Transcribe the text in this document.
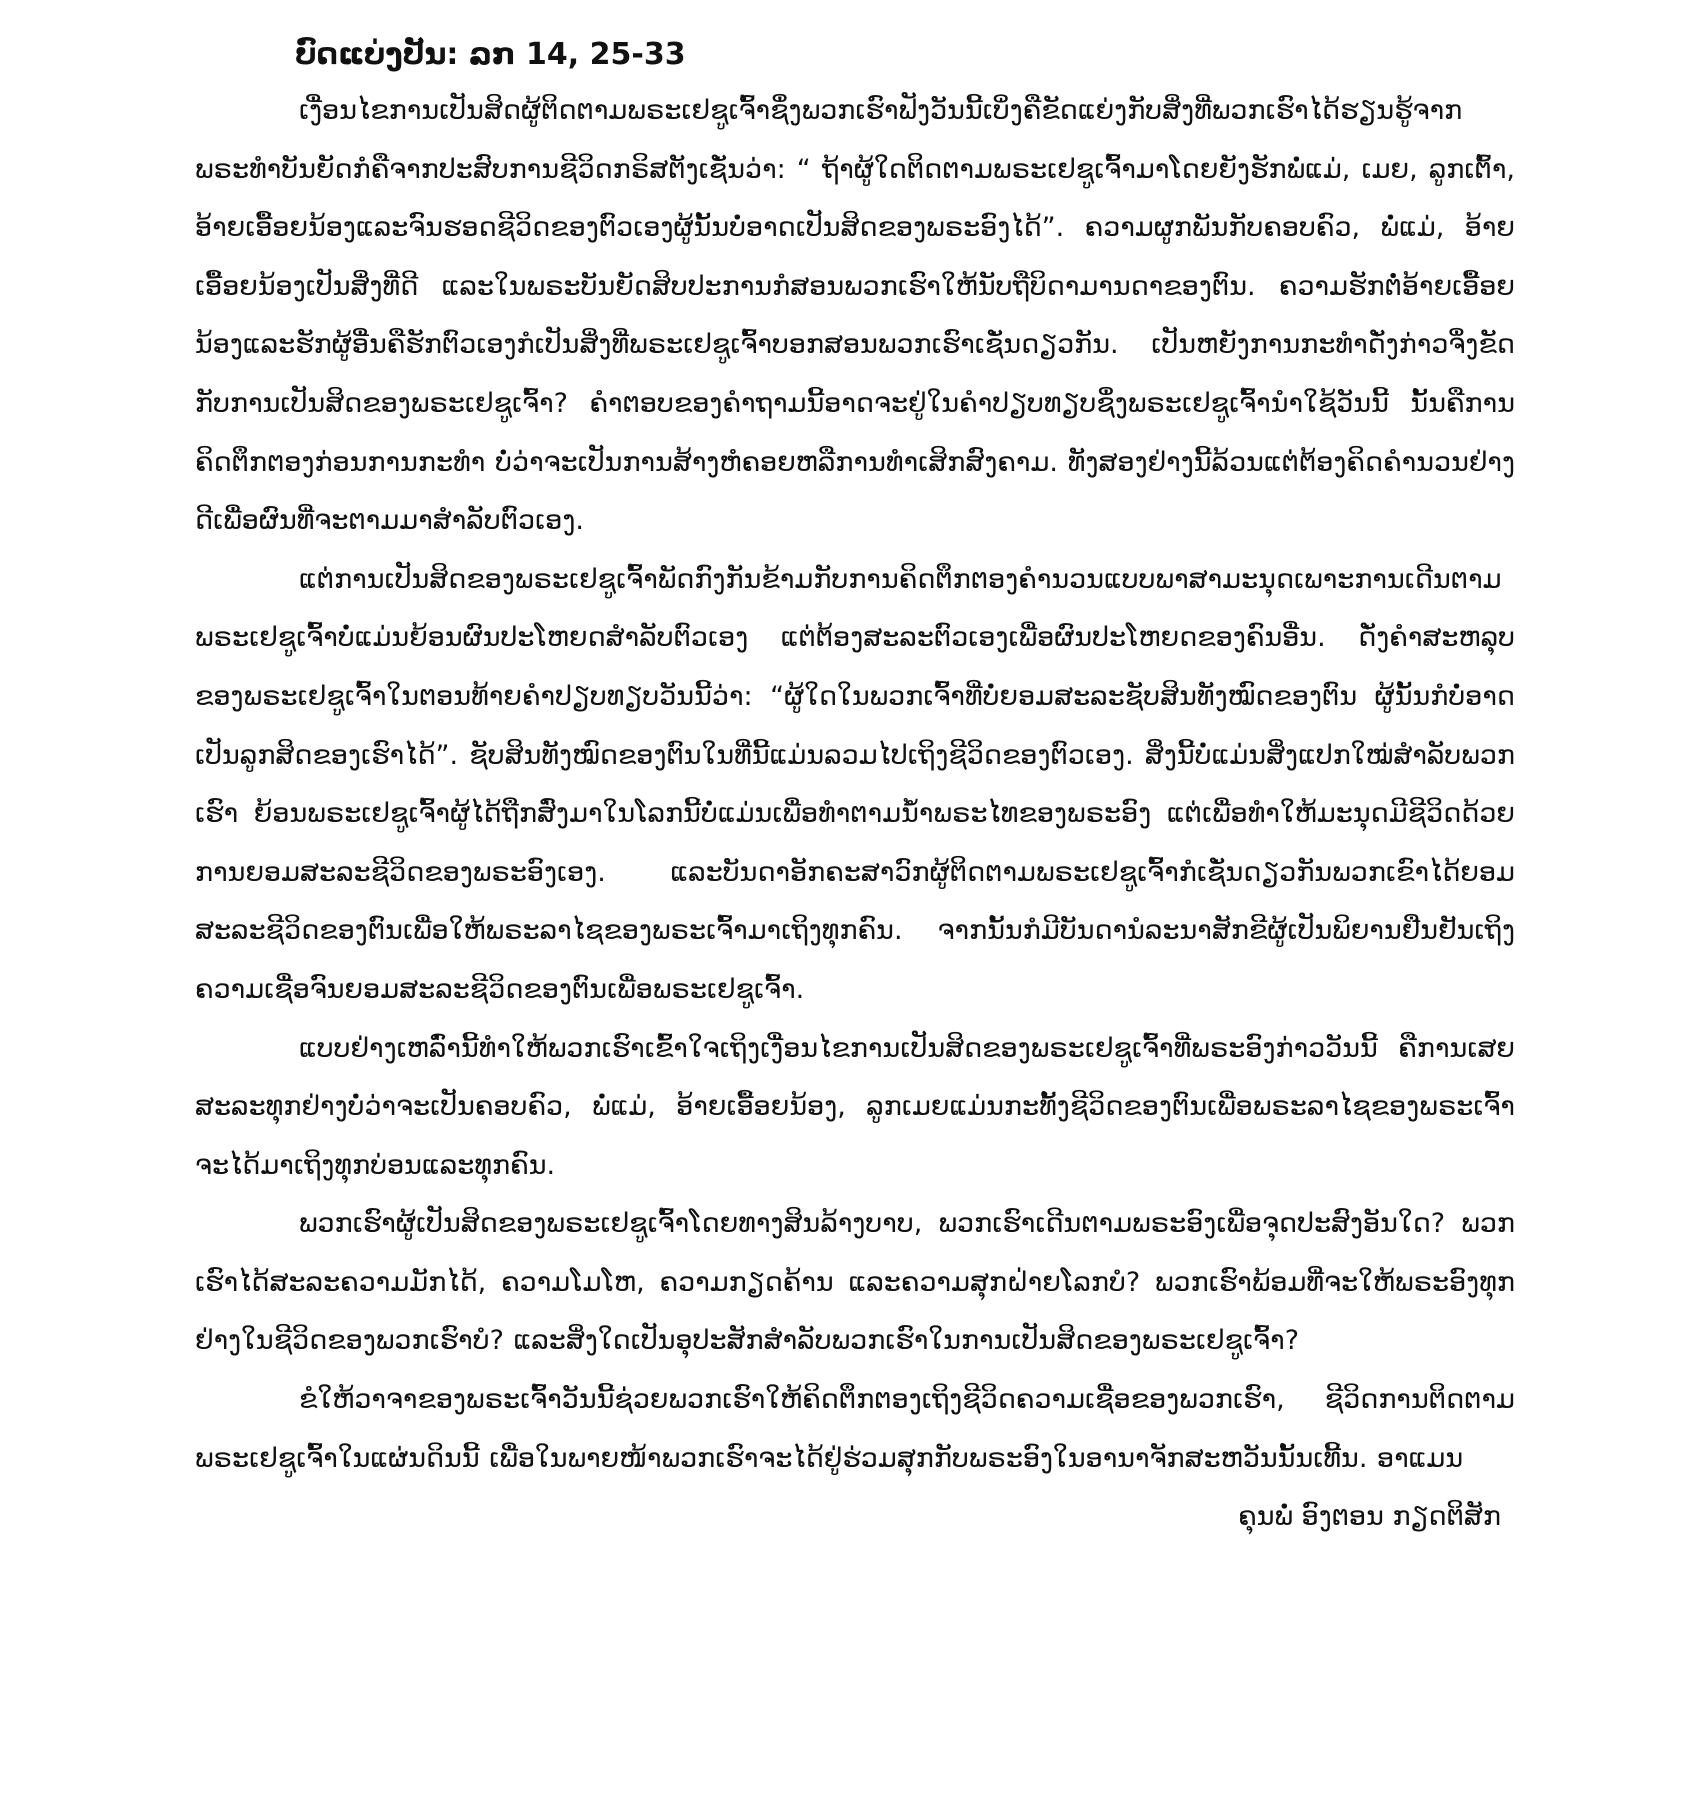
ບົດແບ່ງປັນ: ລກ 14, 25-33

ເງື່ອນໄຂການເປັນສິດຜູ້ຕິດຕາມພຣະເຢຊູເຈົ້າຊຶ່ງພວກເຮົາຟັງວັນນີ້ເບິ່ງຄືຂັດແຍ່ງກັບສິ່ງທີ່ພວກເຮົາໄດ້ຮຽນຮູ້ຈາກພຣະທຳບັນຍັດກໍຄືຈາກປະສົບການຊີວິດກຣິສຕັງເຊັ່ນວ່າ: “ ຖ້າຜູ້ໃດຕິດຕາມພຣະເຢຊູເຈົ້າມາໂດຍຍັງຮັກພໍ່ແມ່, ເມຍ, ລູກເຕົ້າ, ອ້າຍເອື້ອຍນ້ອງແລະຈົນຮອດຊີວິດຂອງຕົວເອງຜູ້ນັ້ນບໍ່ອາດເປັນສິດຂອງພຣະອົງໄດ້”. ຄວາມຜູກພັນກັບຄອບຄົວ, ພໍ່ແມ່, ອ້າຍເອື້ອຍນ້ອງເປັນສິ່ງທີ່ດີ ແລະໃນພຣະບັນຍັດສິບປະການກໍສອນພວກເຮົາໃຫ້ນັບຖືບິດາມານດາຂອງຕົນ. ຄວາມຮັກຕໍ່ອ້າຍເອື້ອຍນ້ອງແລະຮັກຜູ້ອື່ນຄືຮັກຕົວເອງກໍເປັນສິ່ງທີ່ພຣະເຢຊູເຈົ້າບອກສອນພວກເຮົາເຊັ່ນດຽວກັນ. ເປັນຫຍັງການກະທຳດັ່ງກ່າວຈຶ່ງຂັດກັບການເປັນສິດຂອງພຣະເຢຊູເຈົ້າ? ຄຳຕອບຂອງຄຳຖາມນີ້ອາດຈະຢູ່ໃນຄຳປຽບທຽບຊຶ່ງພຣະເຢຊູເຈົ້ານຳໃຊ້ວັນນີ້ ນັ້ນຄືການຄິດຕຶກຕອງກ່ອນການກະທຳ ບໍ່ວ່າຈະເປັນການສ້າງຫໍຄອຍຫລືການທຳເສິກສົງຄາມ. ທັງສອງຢ່າງນີ້ລ້ວນແຕ່ຕ້ອງຄິດຄຳນວນຢ່າງດີເພື່ອຜົນທີ່ຈະຕາມມາສຳລັບຕົວເອງ.

ແຕ່ການເປັນສິດຂອງພຣະເຢຊູເຈົ້າພັດກົງກັນຂ້າມກັບການຄິດຕຶກຕອງຄຳນວນແບບພາສາມະນຸດເພາະການເດີນຕາມພຣະເຢຊູເຈົ້າບໍ່ແມ່ນຍ້ອນຜົນປະໂຫຍດສຳລັບຕົວເອງ ແຕ່ຕ້ອງສະລະຕົວເອງເພື່ອຜົນປະໂຫຍດຂອງຄົນອື່ນ. ດັ່ງຄຳສະຫລຸບຂອງພຣະເຢຊູເຈົ້າໃນຕອນທ້າຍຄຳປຽບທຽບວັນນີ້ວ່າ: “ຜູ້ໃດໃນພວກເຈົ້າທີ່ບໍ່ຍອມສະລະຊັບສິນທັງໝົດຂອງຕົນ ຜູ້ນັ້ນກໍບໍ່ອາດເປັນລູກສິດຂອງເຮົາໄດ້”. ຊັບສິນທັງໝົດຂອງຕົນໃນທີ່ນີ້ແມ່ນລວມໄປເຖິງຊີວິດຂອງຕົວເອງ. ສິ່ງນີ້ບໍ່ແມ່ນສິ່ງແປກໃໝ່ສຳລັບພວກເຮົາ ຍ້ອນພຣະເຢຊູເຈົ້າຜູ້ໄດ້ຖືກສົ່ງມາໃນໂລກນີ້ບໍ່ແມ່ນເພື່ອທຳຕາມນ້ຳພຣະໄທຂອງພຣະອົງ ແຕ່ເພື່ອທຳໃຫ້ມະນຸດມີຊີວິດດ້ວຍການຍອມສະລະຊີວິດຂອງພຣະອົງເອງ. ແລະບັນດາອັກຄະສາວົກຜູ້ຕິດຕາມພຣະເຢຊູເຈົ້າກໍເຊັ່ນດຽວກັນພວກເຂົາໄດ້ຍອມສະລະຊີວິດຂອງຕົນເພື່ອໃຫ້ພຣະລາໄຊຂອງພຣະເຈົ້າມາເຖິງທຸກຄົນ. ຈາກນັ້ນກໍມີບັນດານໍລະນາສັກຂີຜູ້ເປັນພິຍານຢືນຢັນເຖິງຄວາມເຊື່ອຈົນຍອມສະລະຊີວິດຂອງຕົນເພື່ອພຣະເຢຊູເຈົ້າ.

ແບບຢ່າງເຫລົ່ານີ້ທຳໃຫ້ພວກເຮົາເຂົ້າໃຈເຖິງເງື່ອນໄຂການເປັນສິດຂອງພຣະເຢຊູເຈົ້າທີ່ພຣະອົງກ່າວວັນນີ້ ຄືການເສຍສະລະທຸກຢ່າງບໍ່ວ່າຈະເປັນຄອບຄົວ, ພໍ່ແມ່, ອ້າຍເອື້ອຍນ້ອງ, ລູກເມຍແມ່ນກະທັ້ງຊີວິດຂອງຕົນເພື່ອພຣະລາໄຊຂອງພຣະເຈົ້າຈະໄດ້ມາເຖິງທຸກບ່ອນແລະທຸກຄົນ.

ພວກເຮົາຜູ້ເປັນສິດຂອງພຣະເຢຊູເຈົ້າໂດຍທາງສິນລ້າງບາບ, ພວກເຮົາເດີນຕາມພຣະອົງເພື່ອຈຸດປະສົງອັນໃດ? ພວກເຮົາໄດ້ສະລະຄວາມມັກໄດ້, ຄວາມໂມໂຫ, ຄວາມກຽດຄ້ານ ແລະຄວາມສຸກຝ່າຍໂລກບໍ? ພວກເຮົາພ້ອມທີ່ຈະໃຫ້ພຣະອົງທຸກຢ່າງໃນຊີວິດຂອງພວກເຮົາບໍ? ແລະສິ່ງໃດເປັນອຸປະສັກສຳລັບພວກເຮົາໃນການເປັນສິດຂອງພຣະເຢຊູເຈົ້າ?

ຂໍໃຫ້ວາຈາຂອງພຣະເຈົ້າວັນນີ້ຊ່ວຍພວກເຮົາໃຫ້ຄິດຕຶກຕອງເຖິງຊີວິດຄວາມເຊື່ອຂອງພວກເຮົາ, ຊີວິດການຕິດຕາມພຣະເຢຊູເຈົ້າໃນແຜ່ນດິນນີ້ ເພື່ອໃນພາຍໜ້າພວກເຮົາຈະໄດ້ຢູ່ຮ່ວມສຸກກັບພຣະອົງໃນອານາຈັກສະຫວັນນັ້ນເທີ້ນ. ອາແມນ

ຄຸນພໍ່ ອົງຕອນ ກຽດຕິສັກ
